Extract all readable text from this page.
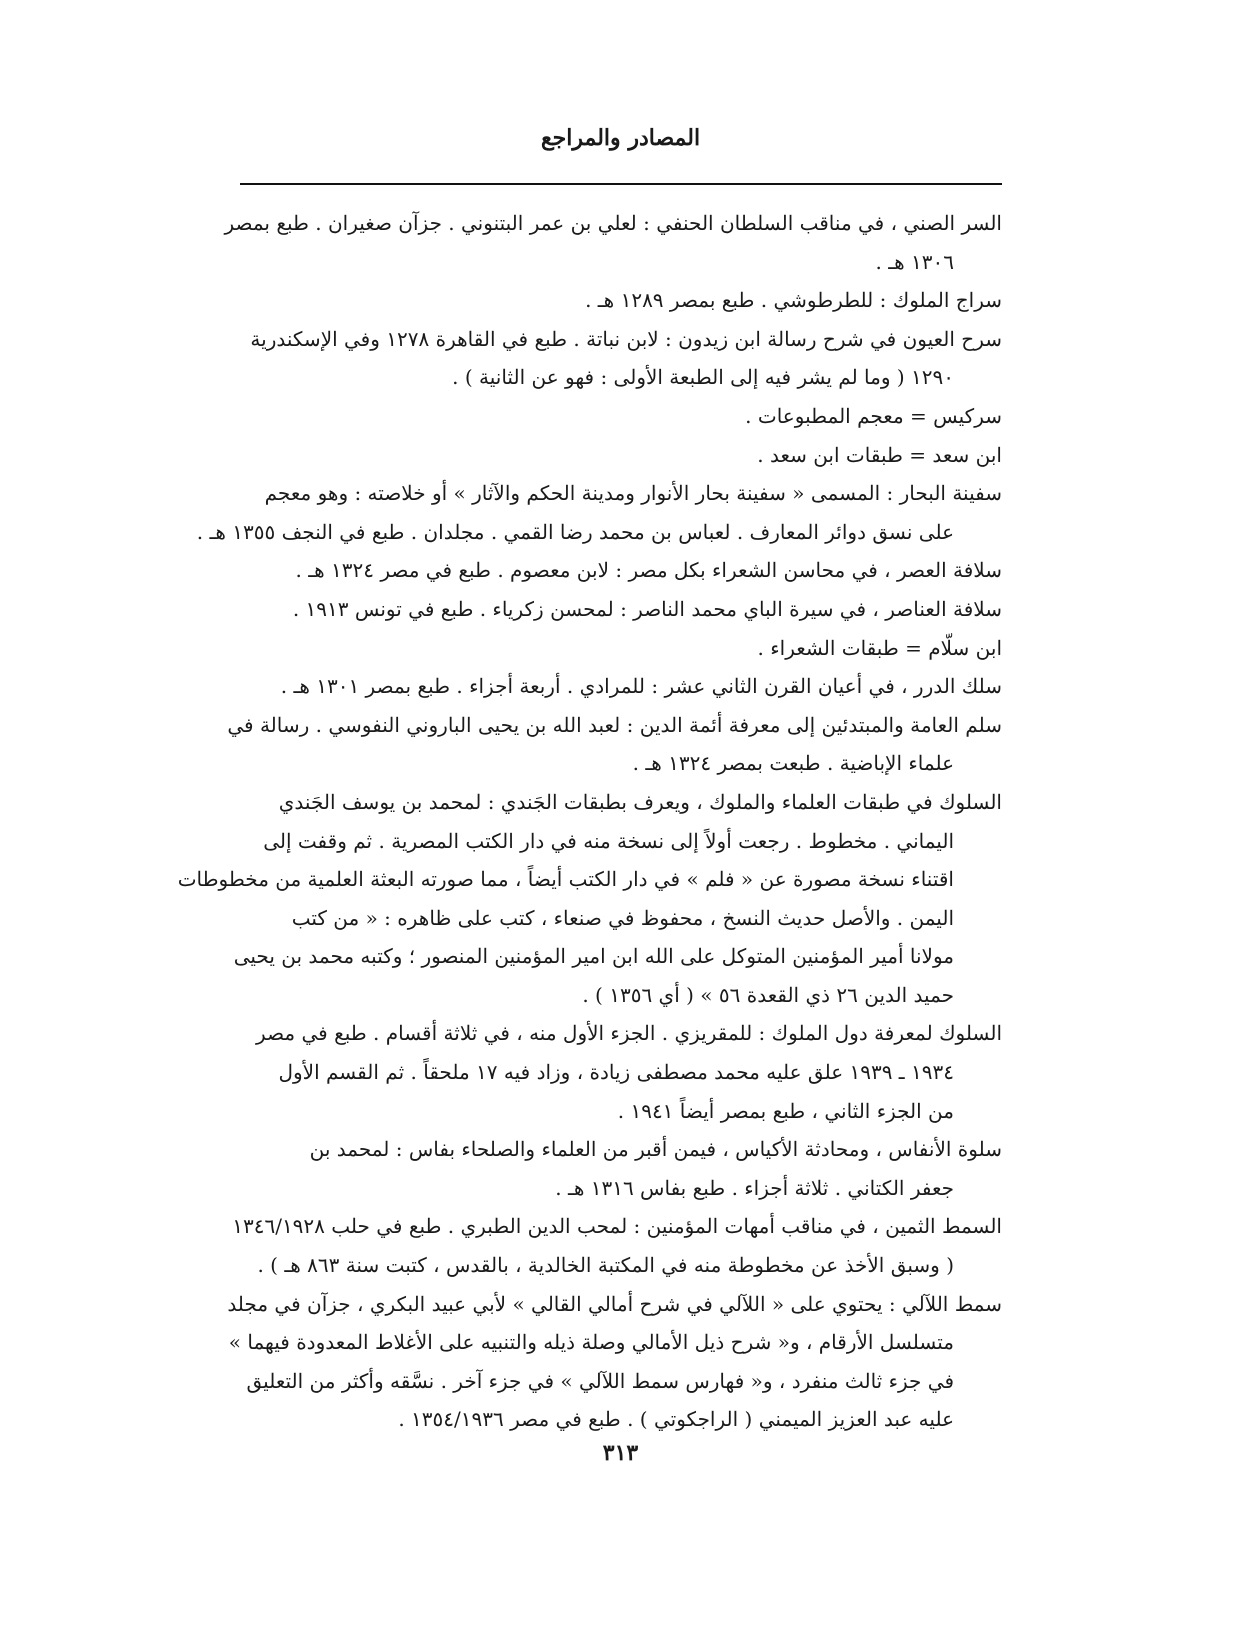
المصادر والمراجع
السر الصني ، في مناقب السلطان الحنفي : لعلي بن عمر البتنوني . جزآن صغيران . طبع بمصر
١٣٠٦ هـ .
سراج الملوك : للطرطوشي . طبع بمصر ١٢٨٩ هـ .
سرح العيون في شرح رسالة ابن زيدون : لابن نباتة . طبع في القاهرة ١٢٧٨ وفي الإسكندرية
١٢٩٠ ( وما لم يشر فيه إلى الطبعة الأولى : فهو عن الثانية ) .
سركيس = معجم المطبوعات .
ابن سعد = طبقات ابن سعد .
سفينة البحار : المسمى « سفينة بحار الأنوار ومدينة الحكم والآثار » أو خلاصته : وهو معجم
على نسق دوائر المعارف . لعباس بن محمد رضا القمي . مجلدان . طبع في النجف ١٣٥٥ هـ .
سلافة العصر ، في محاسن الشعراء بكل مصر : لابن معصوم . طبع في مصر ١٣٢٤ هـ .
سلافة العناصر ، في سيرة الباي محمد الناصر : لمحسن زكرياء . طبع في تونس ١٩١٣ .
ابن سلّام = طبقات الشعراء .
سلك الدرر ، في أعيان القرن الثاني عشر : للمرادي . أربعة أجزاء . طبع بمصر ١٣٠١ هـ .
سلم العامة والمبتدئين إلى معرفة أئمة الدين : لعبد الله بن يحيى الباروني النفوسي . رسالة في
علماء الإباضية . طبعت بمصر ١٣٢٤ هـ .
السلوك في طبقات العلماء والملوك ، ويعرف بطبقات الجَندي : لمحمد بن يوسف الجَندي
اليماني . مخطوط . رجعت أولاً إلى نسخة منه في دار الكتب المصرية . ثم وقفت إلى
اقتناء نسخة مصورة عن « فلم » في دار الكتب أيضاً ، مما صورته البعثة العلمية من مخطوطات
اليمن . والأصل حديث النسخ ، محفوظ في صنعاء ، كتب على ظاهره : « من كتب
مولانا أمير المؤمنين المتوكل على الله ابن امير المؤمنين المنصور ؛ وكتبه محمد بن يحيى
حميد الدين ٢٦ ذي القعدة ٥٦ » ( أي ١٣٥٦ ) .
السلوك لمعرفة دول الملوك : للمقريزي . الجزء الأول منه ، في ثلاثة أقسام . طبع في مصر
١٩٣٤ ـ ١٩٣٩ علق عليه محمد مصطفى زيادة ، وزاد فيه ١٧ ملحقاً . ثم القسم الأول
من الجزء الثاني ، طبع بمصر أيضاً ١٩٤١ .
سلوة الأنفاس ، ومحادثة الأكياس ، فيمن أقبر من العلماء والصلحاء بفاس : لمحمد بن
جعفر الكتاني . ثلاثة أجزاء . طبع بفاس ١٣١٦ هـ .
السمط الثمين ، في مناقب أمهات المؤمنين : لمحب الدين الطبري . طبع في حلب ١٣٤٦/١٩٢٨
( وسبق الأخذ عن مخطوطة منه في المكتبة الخالدية ، بالقدس ، كتبت سنة ٨٦٣ هـ ) .
سمط اللآلي : يحتوي على « اللآلي في شرح أمالي القالي » لأبي عبيد البكري ، جزآن في مجلد
متسلسل الأرقام ، و« شرح ذيل الأمالي وصلة ذيله والتنبيه على الأغلاط المعدودة فيهما »
في جزء ثالث منفرد ، و« فهارس سمط اللآلي » في جزء آخر . نسَّقه وأكثر من التعليق
عليه عبد العزيز الميمني ( الراجكوتي ) . طبع في مصر ١٣٥٤/١٩٣٦ .
٣١٣
